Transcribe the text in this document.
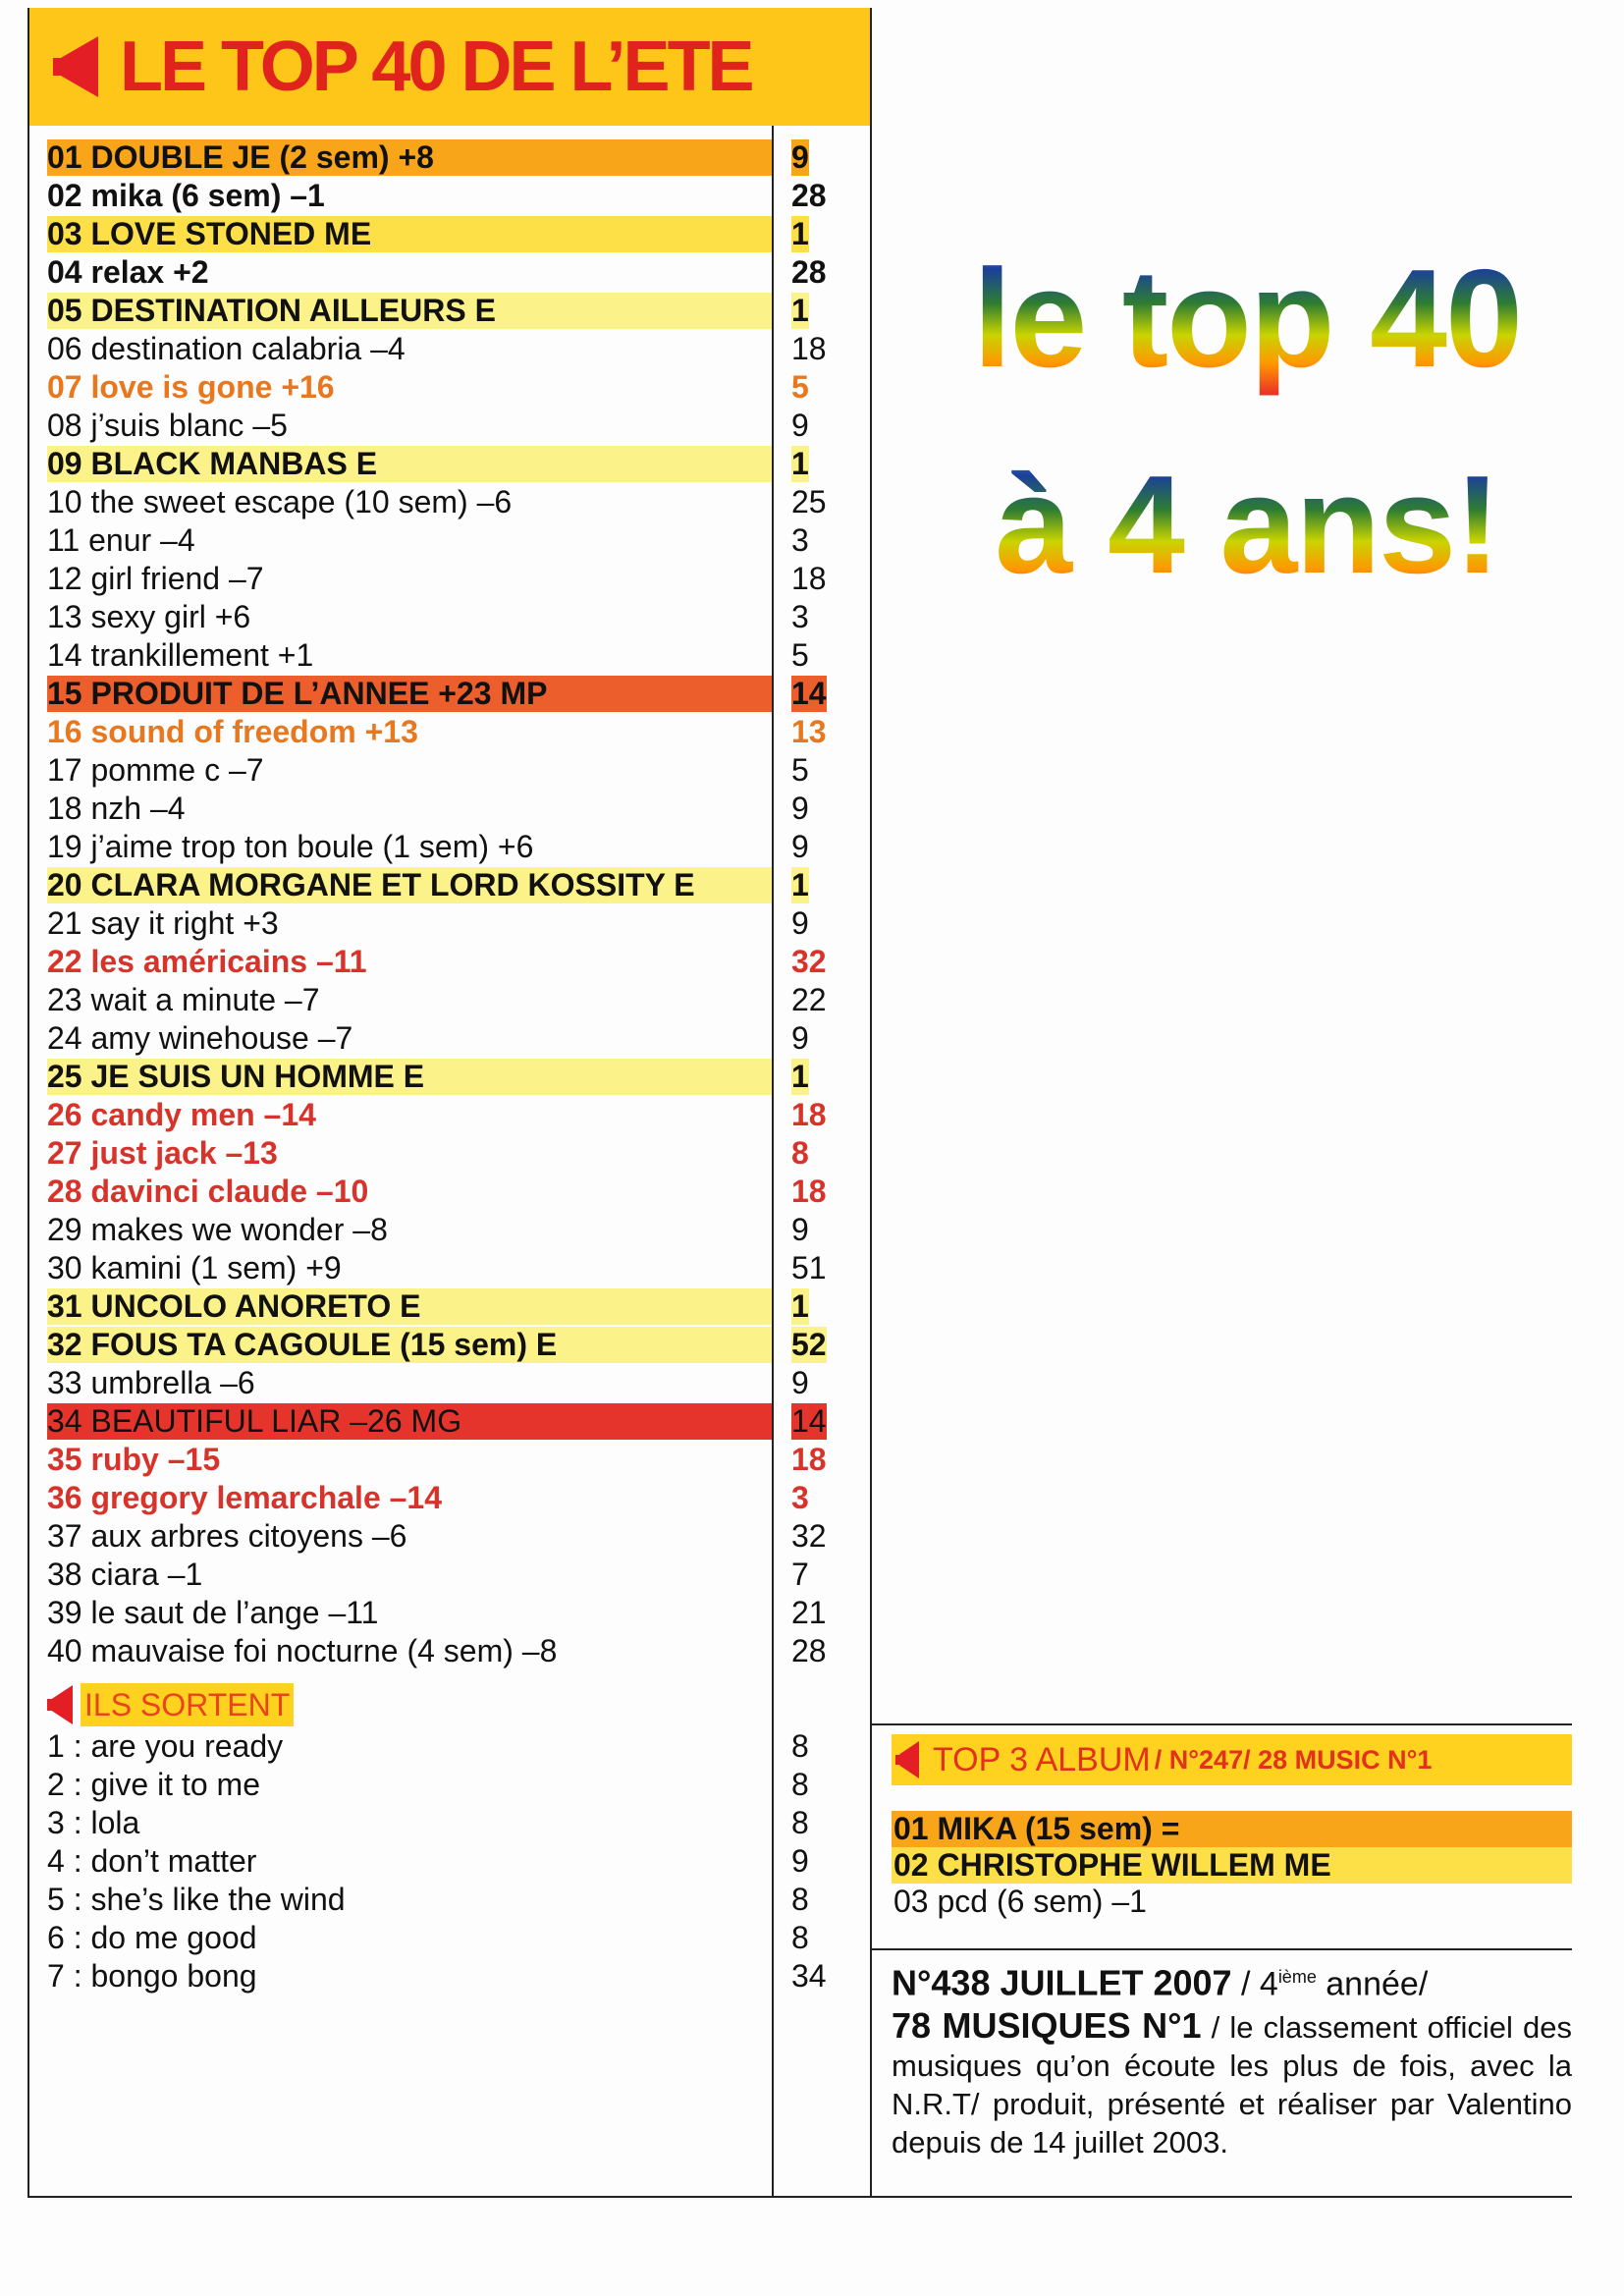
LE TOP 40 DE L’ETE
01 DOUBLE JE (2 sem) +8	9
02 mika (6 sem) –1	28
03 LOVE STONED ME	1
04 relax +2	28
05 DESTINATION AILLEURS E	1
06 destination calabria –4	18
07 love is gone +16	5
08 j’suis blanc –5	9
09 BLACK MANBAS E	1
10 the sweet escape (10 sem) –6	25
11 enur –4	3
12 girl friend –7	18
13 sexy girl +6	3
14 trankillement +1	5
15 PRODUIT DE L’ANNEE +23 MP	14
16 sound of freedom +13	13
17 pomme c –7	5
18 nzh –4	9
19 j’aime trop ton boule (1 sem) +6	9
20 CLARA MORGANE ET LORD KOSSITY E	1
21 say it right +3	9
22 les américains –11	32
23 wait a minute –7	22
24 amy winehouse –7	9
25 JE SUIS UN HOMME E	1
26 candy men –14	18
27 just jack –13	8
28 davinci claude –10	18
29 makes we wonder –8	9
30 kamini (1 sem) +9	51
31 UNCOLO ANORETO E	1
32 FOUS TA CAGOULE (15 sem) E	52
33 umbrella –6	9
34 BEAUTIFUL LIAR –26 MG	14
35 ruby –15	18
36 gregory lemarchale –14	3
37 aux arbres citoyens –6	32
38 ciara –1	7
39 le saut de l’ange –11	21
40 mauvaise foi nocturne (4 sem) –8	28
ILS SORTENT
1 : are you ready	8
2 : give it to me	8
3 : lola	8
4 : don’t matter	9
5 : she’s like the wind	8
6 : do me good	8
7 : bongo bong	34
le top 40
à 4 ans!
TOP 3 ALBUM / N°247/ 28 MUSIC N°1
01 MIKA (15 sem) =
02 CHRISTOPHE WILLEM ME
03 pcd (6 sem) –1
N°438 JUILLET 2007 / 4ième année/
78 MUSIQUES N°1 / le classement officiel des musiques qu’on écoute les plus de fois, avec la N.R.T/ produit, présenté et réaliser par Valentino depuis de 14 juillet 2003.
